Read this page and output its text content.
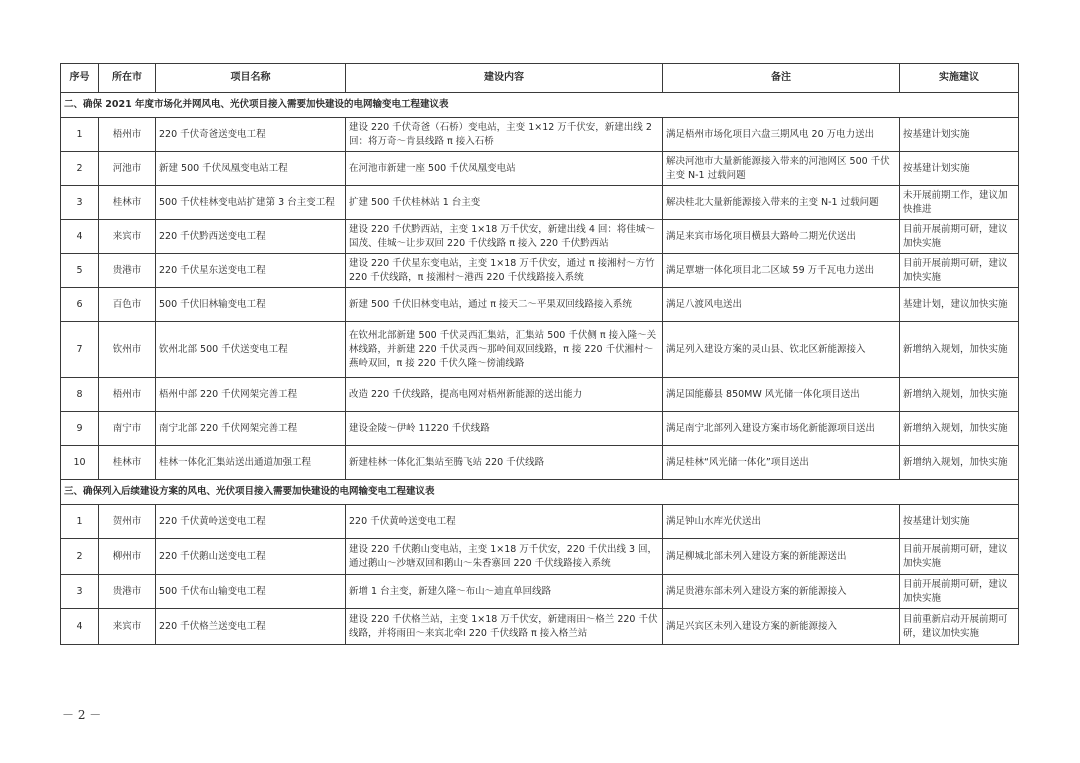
序号	所在市	项目名称	建设内容	备注	实施建议
二、确保 2021 年度市场化并网风电、光伏项目接入需要加快建设的电网输变电工程建议表					
1	梧州市	220 千伏奇爸送变电工程	建设 220 千伏奇爸（石桥）变电站，主变 1×12 万千伏安，新建出线 2 回：将万奇～肯县线路 π 接入石桥	满足梧州市场化项目六盘三期风电 20 万电力送出	按基建计划实施
2	河池市	新建 500 千伏凤凰变电站工程	在河池市新建一座 500 千伏凤凰变电站	解决河池市大量新能源接入带来的河池网区 500 千伏主变 N-1 过载问题	按基建计划实施
3	桂林市	500 千伏桂林变电站扩建第 3 台主变工程	扩建 500 千伏桂林站 1 台主变	解决桂北大量新能源接入带来的主变 N-1 过载问题	未开展前期工作，建议加快推进
4	来宾市	220 千伏黔西送变电工程	建设 220 千伏黔西站，主变 1×18 万千伏安，新建出线 4 回：将佳城～国茂、佳城～让步双回 220 千伏线路 π 接入 220 千伏黔西站	满足来宾市场化项目横县大路岭二期光伏送出	目前开展前期可研，建议加快实施
5	贵港市	220 千伏星东送变电工程	建设 220 千伏星东变电站，主变 1×18 万千伏安，通过 π 接湘村～方竹 220 千伏线路，π 接湘村～港西 220 千伏线路接入系统	满足覃塘一体化项目北二区域 59 万千瓦电力送出	目前开展前期可研，建议加快实施
6	百色市	500 千伏旧林输变电工程	新建 500 千伏旧林变电站，通过 π 接天二～平果双回线路接入系统	满足八渡风电送出	基建计划，建议加快实施
7	钦州市	钦州北部 500 千伏送变电工程	在钦州北部新建 500 千伏灵西汇集站，汇集站 500 千伏侧 π 接入隆～关林线路，并新建 220 千伏灵西～那岭间双回线路，π 接 220 千伏湘村～燕岭双回，π 接 220 千伏久隆～傍浦线路	满足列入建设方案的灵山县、钦北区新能源接入	新增纳入规划，加快实施
8	梧州市	梧州中部 220 千伏网架完善工程	改造 220 千伏线路，提高电网对梧州新能源的送出能力	满足国能藤县 850MW 风光储一体化项目送出	新增纳入规划，加快实施
9	南宁市	南宁北部 220 千伏网架完善工程	建设金陵～伊岭 11220 千伏线路	满足南宁北部列入建设方案市场化新能源项目送出	新增纳入规划，加快实施
10	桂林市	桂林一体化汇集站送出通道加强工程	新建桂林一体化汇集站至腾飞站 220 千伏线路	满足桂林“风光储一体化”项目送出	新增纳入规划，加快实施
三、确保列入后续建设方案的风电、光伏项目接入需要加快建设的电网输变电工程建议表					
1	贺州市	220 千伏黄岭送变电工程	220 千伏黄岭送变电工程	满足钟山水库光伏送出	按基建计划实施
2	柳州市	220 千伏鹅山送变电工程	建设 220 千伏鹅山变电站，主变 1×18 万千伏安，220 千伏出线 3 回，通过鹅山～沙塘双回和鹅山～朱香寨回 220 千伏线路接入系统	满足柳城北部未列入建设方案的新能源送出	目前开展前期可研，建议加快实施
3	贵港市	500 千伏布山输变电工程	新增 1 台主变，新建久隆～布山～迪直单回线路	满足贵港东部未列入建设方案的新能源接入	目前开展前期可研，建议加快实施
4	来宾市	220 千伏格兰送变电工程	建设 220 千伏格兰站，主变 1×18 万千伏安，新建雨田～格兰 220 千伏线路，并将雨田～来宾北牵Ⅰ 220 千伏线路 π 接入格兰站	满足兴宾区未列入建设方案的新能源接入	目前重新启动开展前期可研，建议加快实施
－ 2 －
